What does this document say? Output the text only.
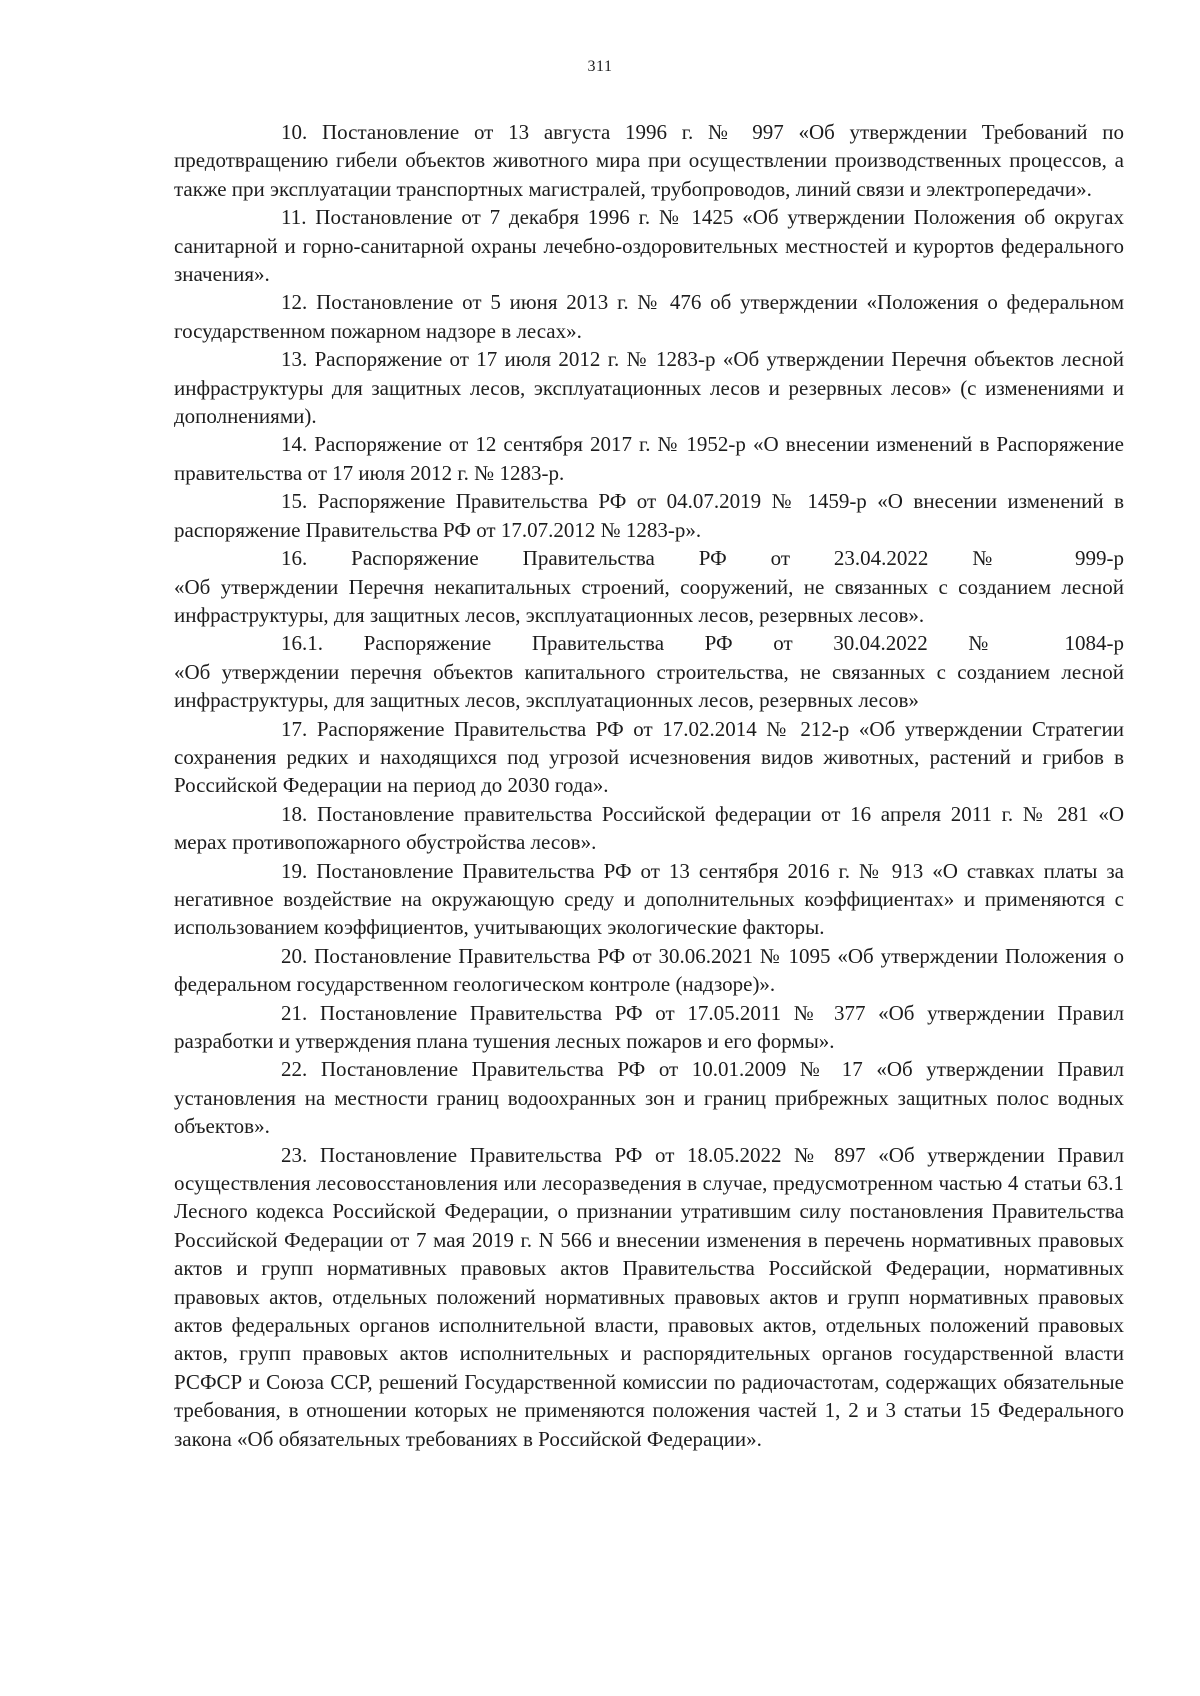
311

10. Постановление от 13 августа 1996 г. № 997 «Об утверждении Требований по предотвращению гибели объектов животного мира при осуществлении производственных процессов, а также при эксплуатации транспортных магистралей, трубопроводов, линий связи и электропередачи».

11. Постановление от 7 декабря 1996 г. № 1425 «Об утверждении Положения об округах санитарной и горно-санитарной охраны лечебно-оздоровительных местностей и курортов федерального значения».

12. Постановление от 5 июня 2013 г. № 476 об утверждении «Положения о федеральном государственном пожарном надзоре в лесах».

13. Распоряжение от 17 июля 2012 г. № 1283-р «Об утверждении Перечня объектов лесной инфраструктуры для защитных лесов, эксплуатационных лесов и резервных лесов» (с изменениями и дополнениями).

14. Распоряжение от 12 сентября 2017 г. № 1952-р «О внесении изменений в Распоряжение правительства от 17 июля 2012 г. № 1283-р.

15. Распоряжение Правительства РФ от 04.07.2019 № 1459-р «О внесении изменений в распоряжение Правительства РФ от 17.07.2012 № 1283-р».

16. Распоряжение Правительства РФ от 23.04.2022 № 999-р

«Об утверждении Перечня некапитальных строений, сооружений, не связанных с созданием лесной инфраструктуры, для защитных лесов, эксплуатационных лесов, резервных лесов».

16.1. Распоряжение Правительства РФ от 30.04.2022 № 1084-р

«Об утверждении перечня объектов капитального строительства, не связанных с созданием лесной инфраструктуры, для защитных лесов, эксплуатационных лесов, резервных лесов»

17. Распоряжение Правительства РФ от 17.02.2014 № 212-р «Об утверждении Стратегии сохранения редких и находящихся под угрозой исчезновения видов животных, растений и грибов в Российской Федерации на период до 2030 года».

18. Постановление правительства Российской федерации от 16 апреля 2011 г. № 281 «О мерах противопожарного обустройства лесов».

19. Постановление Правительства РФ от 13 сентября 2016 г. № 913 «О ставках платы за негативное воздействие на окружающую среду и дополнительных коэффициентах» и применяются с использованием коэффициентов, учитывающих экологические факторы.

20. Постановление Правительства РФ от 30.06.2021 № 1095 «Об утверждении Положения о федеральном государственном геологическом контроле (надзоре)».

21. Постановление Правительства РФ от 17.05.2011 № 377 «Об утверждении Правил разработки и утверждения плана тушения лесных пожаров и его формы».

22. Постановление Правительства РФ от 10.01.2009 № 17 «Об утверждении Правил установления на местности границ водоохранных зон и границ прибрежных защитных полос водных объектов».

23. Постановление Правительства РФ от 18.05.2022 № 897 «Об утверждении Правил осуществления лесовосстановления или лесоразведения в случае, предусмотренном частью 4 статьи 63.1 Лесного кодекса Российской Федерации, о признании утратившим силу постановления Правительства Российской Федерации от 7 мая 2019 г. N 566 и внесении изменения в перечень нормативных правовых актов и групп нормативных правовых актов Правительства Российской Федерации, нормативных правовых актов, отдельных положений нормативных правовых актов и групп нормативных правовых актов федеральных органов исполнительной власти, правовых актов, отдельных положений правовых актов, групп правовых актов исполнительных и распорядительных органов государственной власти РСФСР и Союза ССР, решений Государственной комиссии по радиочастотам, содержащих обязательные требования, в отношении которых не применяются положения частей 1, 2 и 3 статьи 15 Федерального закона «Об обязательных требованиях в Российской Федерации».
